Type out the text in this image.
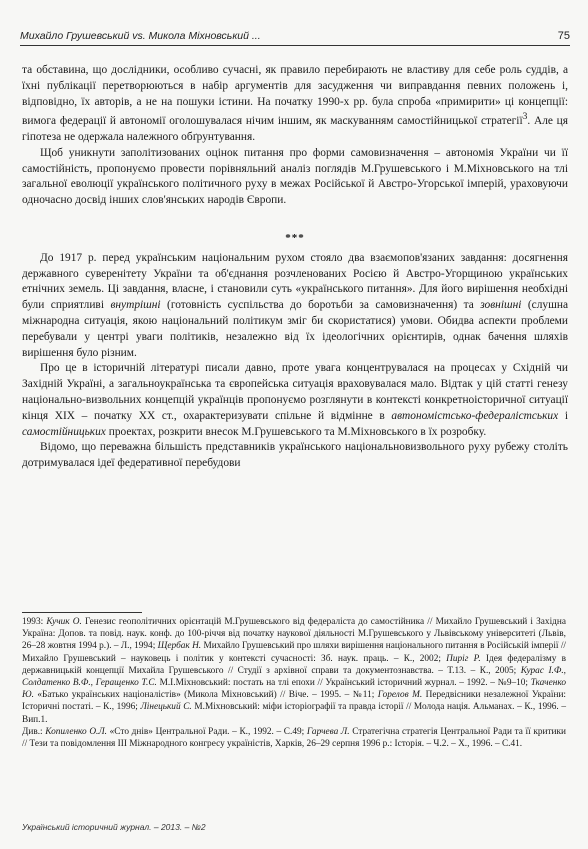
Михайло Грушевський vs. Микола Міхновський ...	75

та обставина, що дослідники, особливо сучасні, як правило перебирають не властиву для себе роль суддів, а їхні публікації перетворюються в набір аргументів для засудження чи виправдання певних положень і, відповідно, їх авторів, а не на пошуки істини. На початку 1990-х рр. була спроба «примирити» ці концепції: вимога федерації й автономії оголошувалася нічим іншим, як маскуванням самостійницької стратегії$^3$. Але ця гіпотеза не одержала належного обґрунтування.

Щоб уникнути заполітизованих оцінок питання про форми самовизначення – автономія України чи її самостійність, пропонуємо провести порівняльний аналіз поглядів М.Грушевського і М.Міхновського на тлі загальної еволюції українського політичного руху в межах Російської й Австро-Угорської імперій, ураховуючи одночасно досвід інших слов'янських народів Європи.

***

До 1917 р. перед українським національним рухом стояло два взаємопов'язаних завдання: досягнення державного суверенітету України та об'єднання розчленованих Росією й Австро-Угорщиною українських етнічних земель. Ці завдання, власне, і становили суть «українського питання». Для його вирішення необхідні були сприятливі внутрішні (готовність суспільства до боротьби за самовизначення) та зовнішні (слушна міжнародна ситуація, якою національний політикум зміг би скористатися) умови. Обидва аспекти проблеми перебували у центрі уваги політиків, незалежно від їх ідеологічних орієнтирів, однак бачення шляхів вирішення було різним.

Про це в історичній літературі писали давно, проте увага концентрувалася на процесах у Східній чи Західній Україні, а загальноукраїнська та європейська ситуація враховувалася мало. Відтак у цій статті генезу національно-визвольних концепцій українців пропонуємо розглянути в контексті конкретноісторичної ситуації кінця ХІХ – початку ХХ ст., охарактеризувати спільне й відмінне в автономістсько-федералістських і самостійницьких проектах, розкрити внесок М.Грушевського та М.Міхновського в їх розробку.

Відомо, що переважна більшість представників українського національновизвольного руху рубежу століть дотримувалася ідеї федеративної перебудови

1993: Кучик О. Генезис геополітичних орієнтацій М.Грушевського від федераліста до самостійника // Михайло Грушевський і Західна Україна: Допов. та повід. наук. конф. до 100-річчя від початку наукової діяльності М.Грушевського у Львівському університеті (Львів, 26–28 жовтня 1994 р.). – Л., 1994; Щербак Н. Михайло Грушевський про шляхи вирішення національного питання в Російській імперії // Михайло Грушевський – науковець і політик у контексті сучасності: Зб. наук. праць. – К., 2002; Пиріг Р. Ідея федералізму в державницькій концепції Михайла Грушевського // Студії з архівної справи та документознавства. – Т.13. – К., 2005; Курас І.Ф., Солдатенко В.Ф., Геращенко Т.С. М.І.Міхновський: постать на тлі епохи // Український історичний журнал. – 1992. – №9–10; Ткаченко Ю. «Батько українських націоналістів» (Микола Міхновський) // Віче. – 1995. – №11; Горелов М. Передвісники незалежної України: Історичні постаті. – К., 1996; Лінецький С. М.Міхновський: міфи історіографії та правда історії // Молода нація. Альманах. – К., 1996. – Вип.1.

Див.: Копиленко О.Л. «Сто днів» Центральної Ради. – К., 1992. – С.49; Гарчева Л. Стратегічна стратегія Центральної Ради та її критики // Тези та повідомлення ІІІ Міжнародного конгресу україністів, Харків, 26–29 серпня 1996 р.: Історія. – Ч.2. – Х., 1996. – С.41.

Український історичний журнал. – 2013. – №2
